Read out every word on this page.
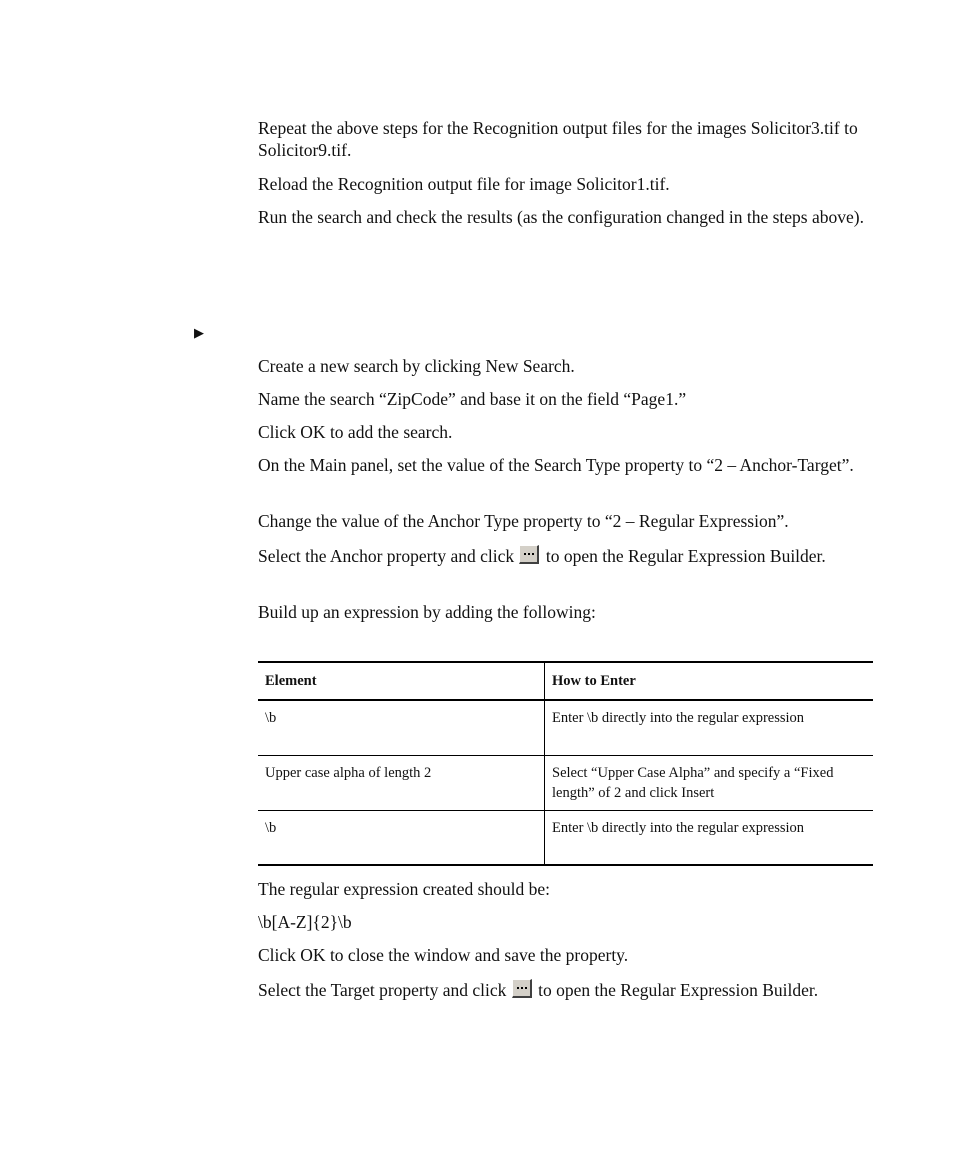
Repeat the above steps for the Recognition output files for the images Solicitor3.tif to Solicitor9.tif.

Reload the Recognition output file for image Solicitor1.tif.

Run the search and check the results (as the configuration changed in the steps above).

▶

Create a new search by clicking New Search.

Name the search “ZipCode” and base it on the field “Page1.”

Click OK to add the search.

On the Main panel, set the value of the Search Type property to “2 – Anchor-Target”.

Change the value of the Anchor Type property to “2 – Regular Expression”.

Select the Anchor property and click  to open the Regular Expression Builder.

Build up an expression by adding the following:

Element	How to Enter
\b	Enter \b directly into the regular expression
Upper case alpha of length 2	Select “Upper Case Alpha” and specify a “Fixed length” of 2 and click Insert
\b	Enter \b directly into the regular expression

The regular expression created should be:

\b[A-Z]{2}\b

Click OK to close the window and save the property.

Select the Target property and click  to open the Regular Expression Builder.
